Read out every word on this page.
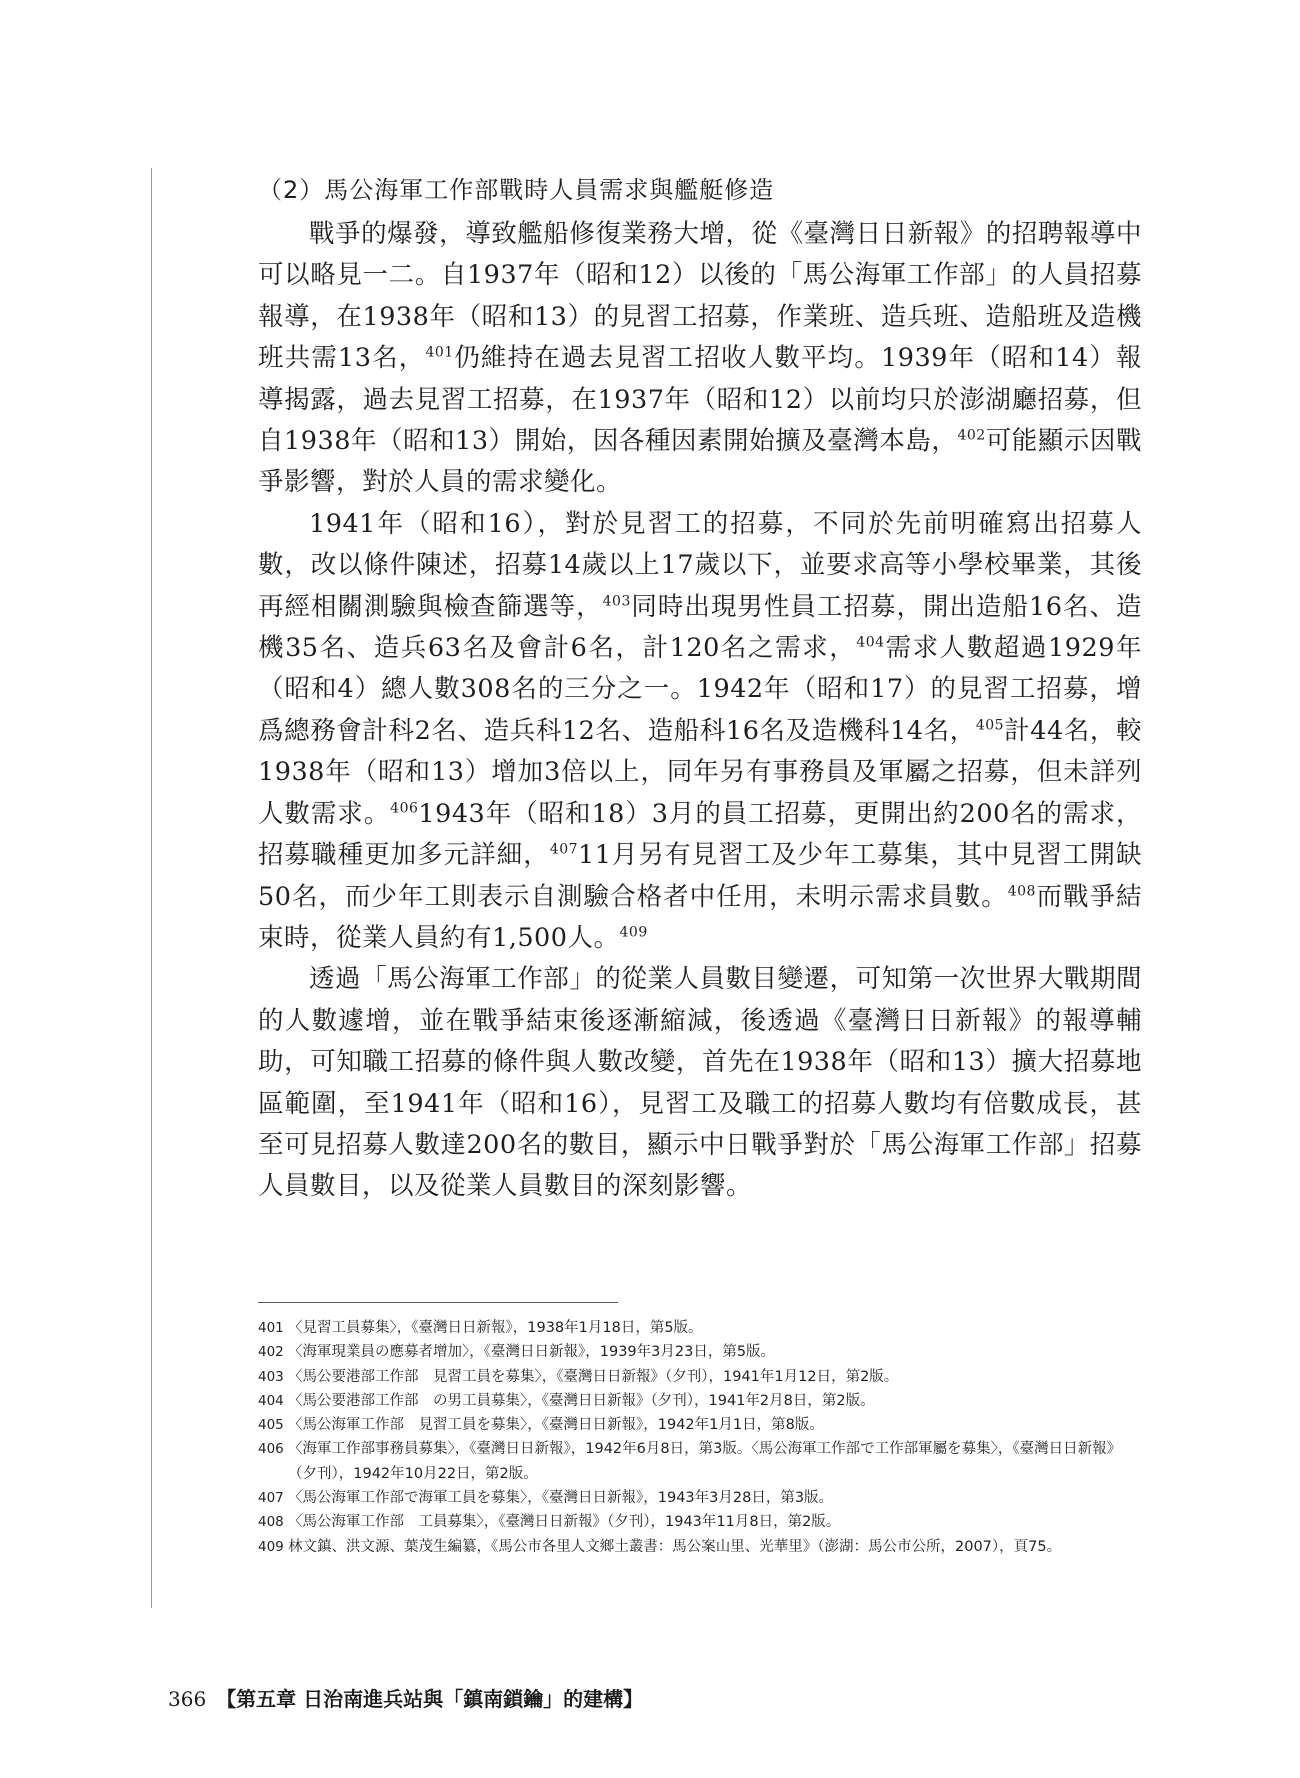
（2）馬公海軍工作部戰時人員需求與艦艇修造

戰爭的爆發，導致艦船修復業務大增，從《臺灣日日新報》的招聘報導中可以略見一二。自1937年（昭和12）以後的「馬公海軍工作部」的人員招募報導，在1938年（昭和13）的見習工招募，作業班、造兵班、造船班及造機班共需13名，$^{401}$仍維持在過去見習工招收人數平均。1939年（昭和14）報導揭露，過去見習工招募，在1937年（昭和12）以前均只於澎湖廳招募，但自1938年（昭和13）開始，因各種因素開始擴及臺灣本島，$^{402}$可能顯示因戰爭影響，對於人員的需求變化。

1941年（昭和16），對於見習工的招募，不同於先前明確寫出招募人數，改以條件陳述，招募14歲以上17歲以下，並要求高等小學校畢業，其後再經相關測驗與檢查篩選等，$^{403}$同時出現男性員工招募，開出造船16名、造機35名、造兵63名及會計6名，計120名之需求，$^{404}$需求人數超過1929年（昭和4）總人數308名的三分之一。1942年（昭和17）的見習工招募，增爲總務會計科2名、造兵科12名、造船科16名及造機科14名，$^{405}$計44名，較1938年（昭和13）增加3倍以上，同年另有事務員及軍屬之招募，但未詳列人數需求。$^{406}$1943年（昭和18）3月的員工招募，更開出約200名的需求，招募職種更加多元詳細，$^{407}$11月另有見習工及少年工募集，其中見習工開缺50名，而少年工則表示自測驗合格者中任用，未明示需求員數。$^{408}$而戰爭結束時，從業人員約有1,500人。$^{409}$

透過「馬公海軍工作部」的從業人員數目變遷，可知第一次世界大戰期間的人數遽增，並在戰爭結束後逐漸縮減，後透過《臺灣日日新報》的報導輔助，可知職工招募的條件與人數改變，首先在1938年（昭和13）擴大招募地區範圍，至1941年（昭和16），見習工及職工的招募人數均有倍數成長，甚至可見招募人數達200名的數目，顯示中日戰爭對於「馬公海軍工作部」招募人員數目，以及從業人員數目的深刻影響。

401 〈見習工員募集〉，《臺灣日日新報》，1938年1月18日，第5版。
402 〈海軍現業員の應募者增加〉，《臺灣日日新報》，1939年3月23日，第5版。
403 〈馬公要港部工作部　見習工員を募集〉，《臺灣日日新報》（夕刊），1941年1月12日，第2版。
404 〈馬公要港部工作部　の男工員募集〉，《臺灣日日新報》（夕刊），1941年2月8日，第2版。
405 〈馬公海軍工作部　見習工員を募集〉，《臺灣日日新報》，1942年1月1日，第8版。
406 〈海軍工作部事務員募集〉，《臺灣日日新報》，1942年6月8日，第3版。〈馬公海軍工作部で工作部軍屬を募集〉，《臺灣日日新報》（夕刊），1942年10月22日，第2版。
407 〈馬公海軍工作部で海軍工員を募集〉，《臺灣日日新報》，1943年3月28日，第3版。
408 〈馬公海軍工作部　工員募集〉，《臺灣日日新報》（夕刊），1943年11月8日，第2版。
409 林文鎮、洪文源、葉茂生編纂，《馬公市各里人文鄉土叢書：馬公案山里、光華里》（澎湖：馬公市公所，2007），頁75。
366 【第五章 日治南進兵站與「鎮南鎖鑰」的建構】
